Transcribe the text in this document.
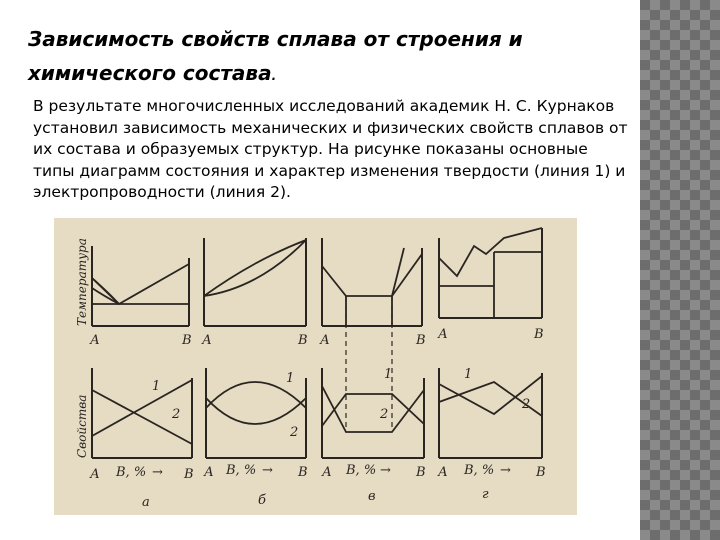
Зависимость свойств сплава от строения и
химического состава.
В результате многочисленных исследований академик Н. С. Курнаков установил зависимость механических и физических свойств сплавов от их состава и образуемых структур. На рисунке показаны основные типы диаграмм состояния и характер изменения твердости (линия 1) и электропроводности (линия 2).
Температура
Свойства
А	В А	В А	В А	В
1
2
1
2
1
2
1
2
А В, % → В А В, % → В А В, % → В А В, % → В
а	б	в	г
